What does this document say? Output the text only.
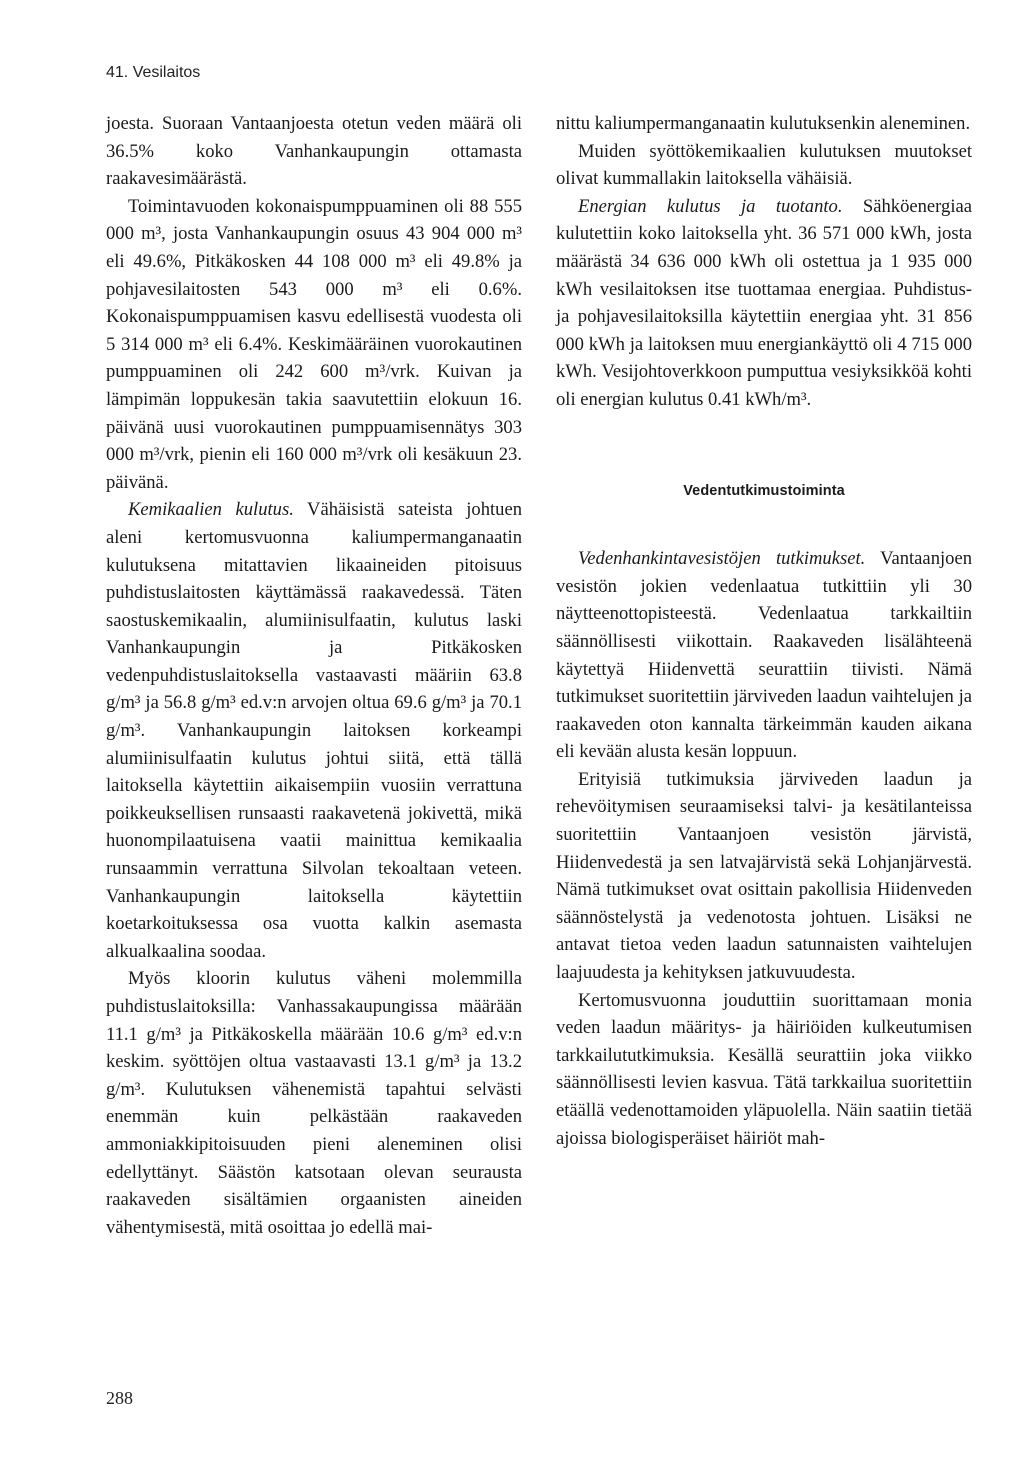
41. Vesilaitos

joesta. Suoraan Vantaanjoesta otetun veden määrä oli 36.5% koko Vanhankaupungin ottamasta raakavesimäärästä.

Toimintavuoden kokonaispumppuaminen oli 88 555 000 m³, josta Vanhankaupungin osuus 43 904 000 m³ eli 49.6%, Pitkäkosken 44 108 000 m³ eli 49.8% ja pohjavesilaitosten 543 000 m³ eli 0.6%. Kokonaispumppuamisen kasvu edellisestä vuodesta oli 5 314 000 m³ eli 6.4%. Keskimääräinen vuorokautinen pumppuaminen oli 242 600 m³/vrk. Kuivan ja lämpimän loppukesän takia saavutettiin elokuun 16. päivänä uusi vuorokautinen pumppuamisennätys 303 000 m³/vrk, pienin eli 160 000 m³/vrk oli kesäkuun 23. päivänä.

Kemikaalien kulutus. Vähäisistä sateista johtuen aleni kertomusvuonna kaliumpermanganaatin kulutuksena mitattavien likaaineiden pitoisuus puhdistuslaitosten käyttämässä raakavedessä. Täten saostuskemikaalin, alumiinisulfaatin, kulutus laski Vanhankaupungin ja Pitkäkosken vedenpuhdistuslaitoksella vastaavasti määriin 63.8 g/m³ ja 56.8 g/m³ ed.v:n arvojen oltua 69.6 g/m³ ja 70.1 g/m³. Vanhankaupungin laitoksen korkeampi alumiinisulfaatin kulutus johtui siitä, että tällä laitoksella käytettiin aikaisempiin vuosiin verrattuna poikkeuksellisen runsaasti raakavetenä jokivettä, mikä huonompilaatuisena vaatii mainittua kemikaalia runsaammin verrattuna Silvolan tekoaltaan veteen. Vanhankaupungin laitoksella käytettiin koetarkoituksessa osa vuotta kalkin asemasta alkualkaalina soodaa.

Myös kloorin kulutus väheni molemmilla puhdistuslaitoksilla: Vanhassakaupungissa määrään 11.1 g/m³ ja Pitkäkoskella määrään 10.6 g/m³ ed.v:n keskim. syöttöjen oltua vastaavasti 13.1 g/m³ ja 13.2 g/m³. Kulutuksen vähenemistä tapahtui selvästi enemmän kuin pelkästään raakaveden ammoniakkipitoisuuden pieni aleneminen olisi edellyttänyt. Säästön katsotaan olevan seurausta raakaveden sisältämien orgaanisten aineiden vähentymisestä, mitä osoittaa jo edellä mai-

nittu kaliumpermanganaatin kulutuksenkin aleneminen.

Muiden syöttökemikaalien kulutuksen muutokset olivat kummallakin laitoksella vähäisiä.

Energian kulutus ja tuotanto. Sähköenergiaa kulutettiin koko laitoksella yht. 36 571 000 kWh, josta määrästä 34 636 000 kWh oli ostettua ja 1 935 000 kWh vesilaitoksen itse tuottamaa energiaa. Puhdistus- ja pohjavesilaitoksilla käytettiin energiaa yht. 31 856 000 kWh ja laitoksen muu energiankäyttö oli 4 715 000 kWh. Vesijohtoverkkoon pumputtua vesiyksikköä kohti oli energian kulutus 0.41 kWh/m³.

Vedentutkimustoiminta

Vedenhankintavesistöjen tutkimukset. Vantaanjoen vesistön jokien vedenlaatua tutkittiin yli 30 näytteenottopisteestä. Vedenlaatua tarkkailtiin säännöllisesti viikottain. Raakaveden lisälähteenä käytettyä Hiidenvettä seurattiin tiivisti. Nämä tutkimukset suoritettiin järviveden laadun vaihtelujen ja raakaveden oton kannalta tärkeimmän kauden aikana eli kevään alusta kesän loppuun.

Erityisiä tutkimuksia järviveden laadun ja rehevöitymisen seuraamiseksi talvi- ja kesätilanteissa suoritettiin Vantaanjoen vesistön järvistä, Hiidenvedestä ja sen latvajärvistä sekä Lohjanjärvestä. Nämä tutkimukset ovat osittain pakollisia Hiidenveden säännöstelystä ja vedenotosta johtuen. Lisäksi ne antavat tietoa veden laadun satunnaisten vaihtelujen laajuudesta ja kehityksen jatkuvuudesta.

Kertomusvuonna jouduttiin suorittamaan monia veden laadun määritys- ja häiriöiden kulkeutumisen tarkkailututkimuksia. Kesällä seurattiin joka viikko säännöllisesti levien kasvua. Tätä tarkkailua suoritettiin etäällä vedenottamoiden yläpuolella. Näin saatiin tietää ajoissa biologisperäiset häiriöt mah-

288
